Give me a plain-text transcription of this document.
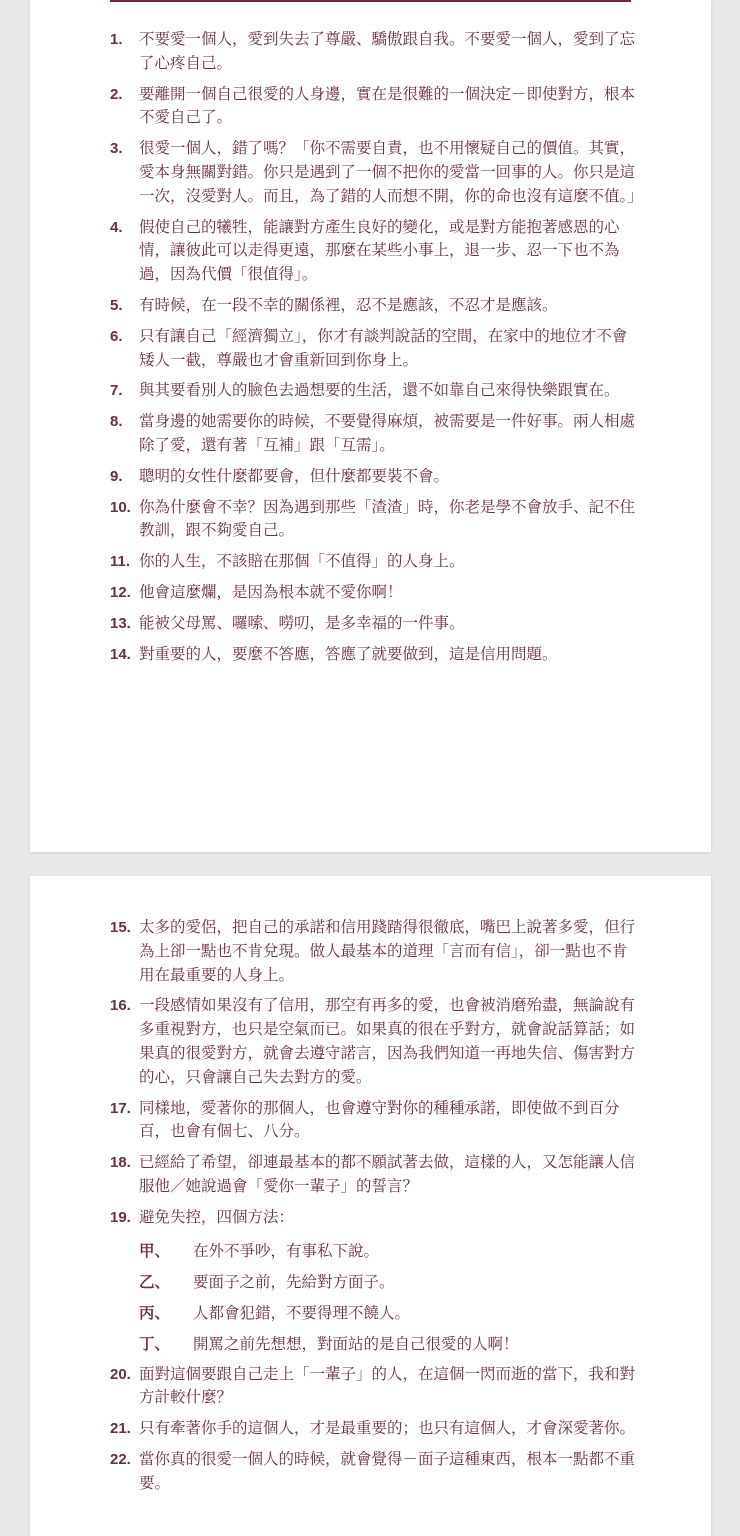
1. 不要愛一個人，愛到失去了尊嚴、驕傲跟自我。不要愛一個人，愛到了忘了心疼自己。
2. 要離開一個自己很愛的人身邊，實在是很難的一個決定－即使對方，根本不愛自己了。
3. 很愛一個人，錯了嗎？「你不需要自責，也不用懷疑自己的價值。其實，愛本身無關對錯。你只是遇到了一個不把你的愛當一回事的人。你只是這一次，沒愛對人。而且，為了錯的人而想不開，你的命也沒有這麼不值。」
4. 假使自己的犧牲，能讓對方產生良好的變化，或是對方能抱著感恩的心情，讓彼此可以走得更遠，那麼在某些小事上，退一步、忍一下也不為過，因為代價「很值得」。
5. 有時候，在一段不幸的關係裡，忍不是應該，不忍才是應該。
6. 只有讓自己「經濟獨立」，你才有談判說話的空間，在家中的地位才不會矮人一截，尊嚴也才會重新回到你身上。
7. 與其要看別人的臉色去過想要的生活，還不如靠自己來得快樂跟實在。
8. 當身邊的她需要你的時候，不要覺得麻煩，被需要是一件好事。兩人相處除了愛，還有著「互補」跟「互需」。
9. 聰明的女性什麼都要會，但什麼都要裝不會。
10. 你為什麼會不幸？因為遇到那些「渣渣」時，你老是學不會放手、記不住教訓，跟不夠愛自己。
11. 你的人生，不該賠在那個「不值得」的人身上。
12. 他會這麼爛，是因為根本就不愛你啊！
13. 能被父母罵、囉嗦、嘮叨，是多幸福的一件事。
14. 對重要的人，要麼不答應，答應了就要做到，這是信用問題。
15. 太多的愛侶，把自己的承諾和信用踐踏得很徹底，嘴巴上說著多愛，但行為上卻一點也不肯兌現。做人最基本的道理「言而有信」，卻一點也不肯用在最重要的人身上。
16. 一段感情如果沒有了信用，那空有再多的愛，也會被消磨殆盡，無論說有多重視對方，也只是空氣而已。如果真的很在乎對方，就會說話算話；如果真的很愛對方，就會去遵守諾言，因為我們知道一再地失信、傷害對方的心，只會讓自己失去對方的愛。
17. 同樣地，愛著你的那個人，也會遵守對你的種種承諾，即使做不到百分百，也會有個七、八分。
18. 已經給了希望，卻連最基本的都不願試著去做，這樣的人，又怎能讓人信服他／她說過會「愛你一輩子」的誓言？
19. 避免失控，四個方法：
甲、 在外不爭吵，有事私下說。
乙、 要面子之前，先給對方面子。
丙、 人都會犯錯，不要得理不饒人。
丁、 開罵之前先想想，對面站的是自己很愛的人啊！
20. 面對這個要跟自己走上「一輩子」的人，在這個一閃而逝的當下，我和對方計較什麼？
21. 只有牽著你手的這個人，才是最重要的；也只有這個人，才會深愛著你。
22. 當你真的很愛一個人的時候，就會覺得－面子這種東西，根本一點都不重要。
